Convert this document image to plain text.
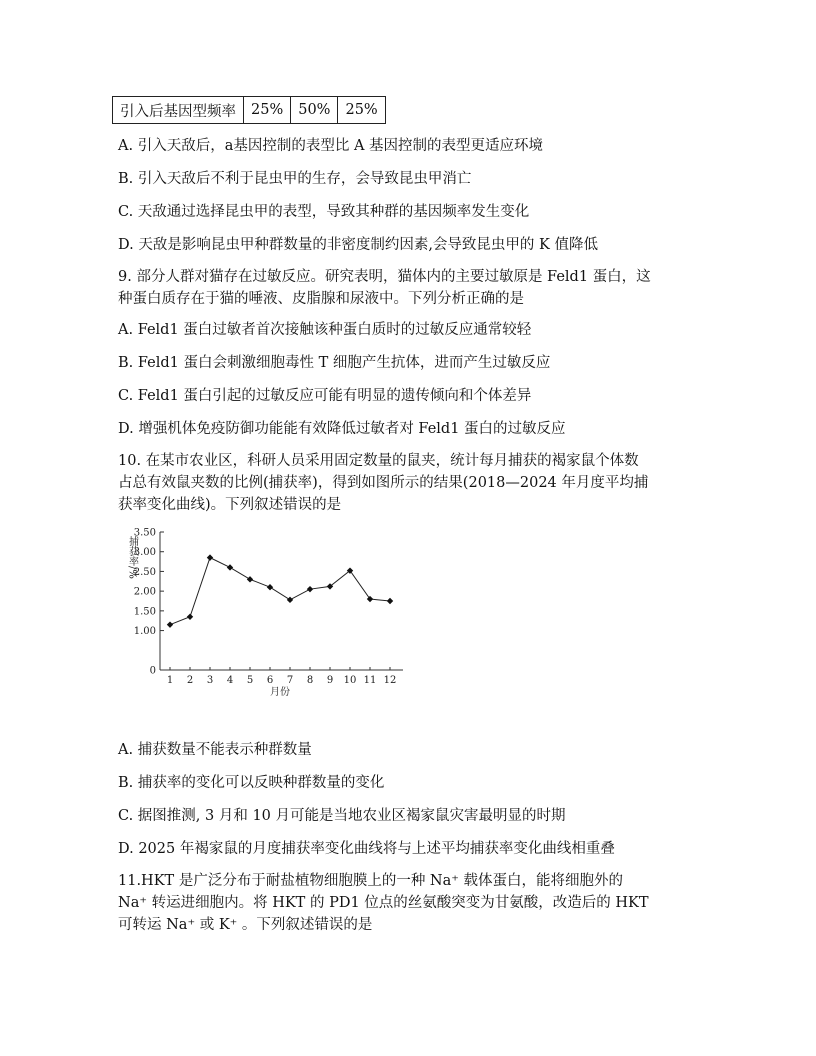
引入后基因型频率	25%	50%	25%
A. 引入天敌后，a基因控制的表型比 A 基因控制的表型更适应环境
B. 引入天敌后不利于昆虫甲的生存，会导致昆虫甲消亡
C. 天敌通过选择昆虫甲的表型，导致其种群的基因频率发生变化
D. 天敌是影响昆虫甲种群数量的非密度制约因素,会导致昆虫甲的 K 值降低
9. 部分人群对猫存在过敏反应。研究表明，猫体内的主要过敏原是 Feld1 蛋白，这
种蛋白质存在于猫的唾液、皮脂腺和尿液中。下列分析正确的是
A. Feld1 蛋白过敏者首次接触该种蛋白质时的过敏反应通常较轻
B. Feld1 蛋白会刺激细胞毒性 T 细胞产生抗体，进而产生过敏反应
C. Feld1 蛋白引起的过敏反应可能有明显的遗传倾向和个体差异
D. 增强机体免疫防御功能能有效降低过敏者对 Feld1 蛋白的过敏反应
10. 在某市农业区，科研人员采用固定数量的鼠夹，统计每月捕获的褐家鼠个体数
占总有效鼠夹数的比例(捕获率)，得到如图所示的结果(2018—2024 年月度平均捕
获率变化曲线)。下列叙述错误的是
0
1.00
1.50
2.00
2.50
3.00
3.50
1 2 3 4 5 6 7 8 9 10 11 12
月份
捕获率/%
A. 捕获数量不能表示种群数量
B. 捕获率的变化可以反映种群数量的变化
C. 据图推测, 3 月和 10 月可能是当地农业区褐家鼠灾害最明显的时期
D. 2025 年褐家鼠的月度捕获率变化曲线将与上述平均捕获率变化曲线相重叠
11.HKT 是广泛分布于耐盐植物细胞膜上的一种 Na⁺ 载体蛋白，能将细胞外的
Na⁺ 转运进细胞内。将 HKT 的 PD1 位点的丝氨酸突变为甘氨酸，改造后的 HKT
可转运 Na⁺ 或 K⁺ 。下列叙述错误的是
